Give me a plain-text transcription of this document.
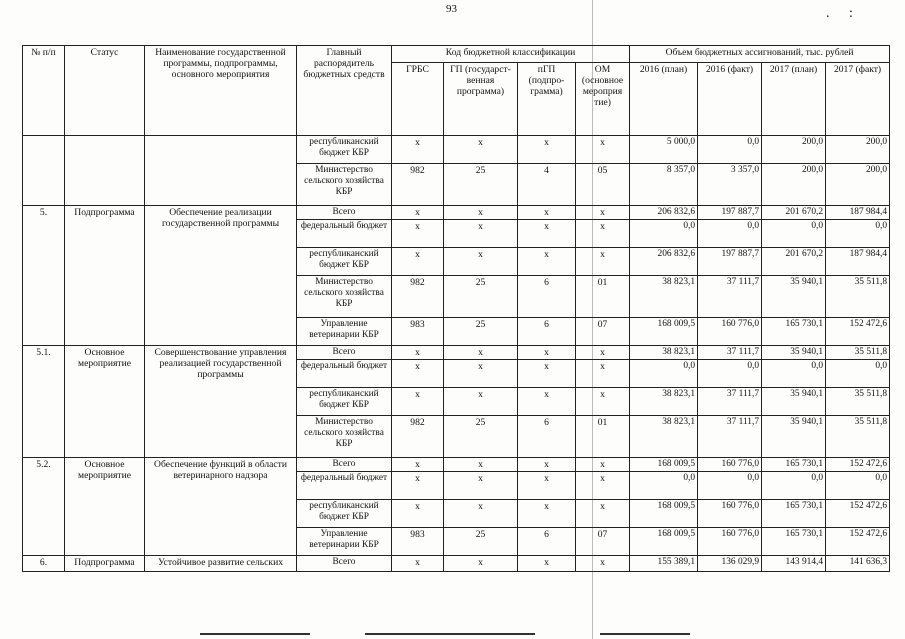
93	. :
№ п/п	Статус	Наименование государственной программы, подпрограммы, основного мероприятия	Главный распорядитель бюджетных средств	Код бюджетной классификации				Объем бюджетных ассигнований, тыс. рублей			
				ГРБС	ГП (государст-венная программа)	пГП (подпро-грамма)	ОМ (основное мероприя тие)	2016 (план)	2016 (факт)	2017 (план)	2017 (факт)
			республиканский бюджет КБР	х	х	х	х	5 000,0	0,0	200,0	200,0
			Министерство сельского хозяйства КБР	982	25	4	05	8 357,0	3 357,0	200,0	200,0
5.	Подпрограмма	Обеспечение реализации государственной программы	Всего	х	х	х	х	206 832,6	197 887,7	201 670,2	187 984,4
			федеральный бюджет	х	х	х	х	0,0	0,0	0,0	0,0
			республиканский бюджет КБР	х	х	х	х	206 832,6	197 887,7	201 670,2	187 984,4
			Министерство сельского хозяйства КБР	982	25	6	01	38 823,1	37 111,7	35 940,1	35 511,8
			Управление ветеринарии КБР	983	25	6	07	168 009,5	160 776,0	165 730,1	152 472,6
5.1.	Основное мероприятие	Совершенствование управления реализацией государственной программы	Всего	х	х	х	х	38 823,1	37 111,7	35 940,1	35 511,8
			федеральный бюджет	х	х	х	х	0,0	0,0	0,0	0,0
			республиканский бюджет КБР	х	х	х	х	38 823,1	37 111,7	35 940,1	35 511,8
			Министерство сельского хозяйства КБР	982	25	6	01	38 823,1	37 111,7	35 940,1	35 511,8
5.2.	Основное мероприятие	Обеспечение функций в области ветеринарного надзора	Всего	х	х	х	х	168 009,5	160 776,0	165 730,1	152 472,6
			федеральный бюджет	х	х	х	х	0,0	0,0	0,0	0,0
			республиканский бюджет КБР	х	х	х	х	168 009,5	160 776,0	165 730,1	152 472,6
			Управление ветеринарии КБР	983	25	6	07	168 009,5	160 776,0	165 730,1	152 472,6
6.	Подпрограмма	Устойчивое развитие сельских	Всего	х	х	х	х	155 389,1	136 029,9	143 914,4	141 636,3
